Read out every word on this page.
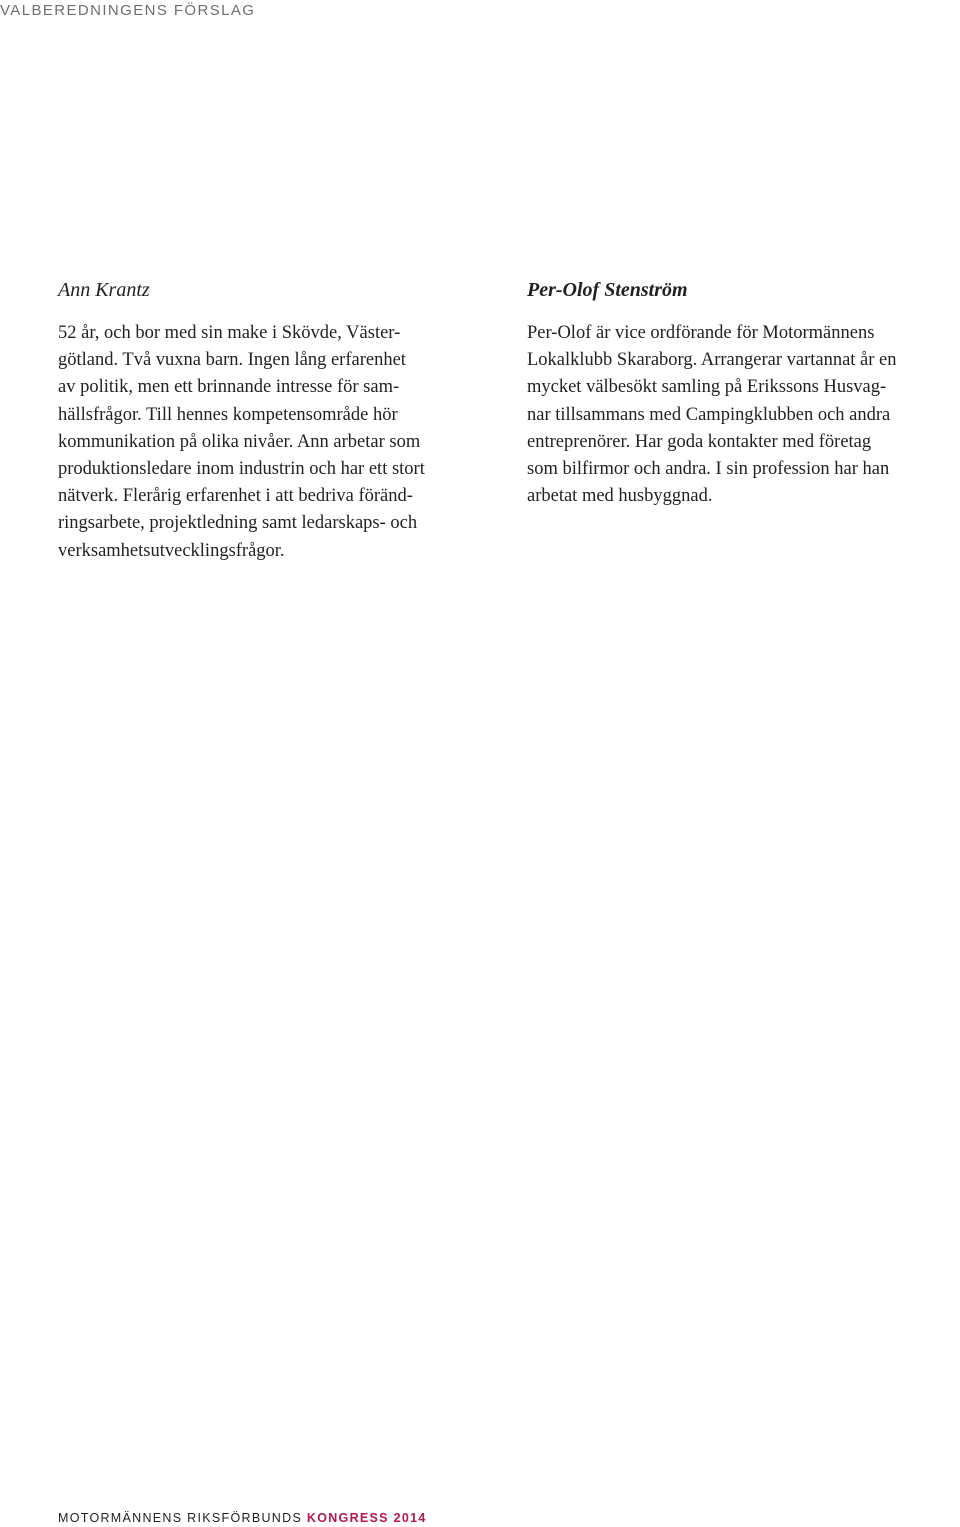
VALBEREDNINGENS FÖRSLAG
Ann Krantz

52 år, och bor med sin make i Skövde, Väster-
götland. Två vuxna barn. Ingen lång erfarenhet
av politik, men ett brinnande intresse för sam-
hällsfrågor. Till hennes kompetensområde hör
kommunikation på olika nivåer. Ann arbetar som
produktionsledare inom industrin och har ett stort
nätverk. Flerårig erfarenhet i att bedriva föränd-
ringsarbete, projektledning samt ledarskaps- och
verksamhetsutvecklingsfrågor.

Per-Olof Stenström

Per-Olof är vice ordförande för Motormännens
Lokalklubb Skaraborg. Arrangerar vartannat år en
mycket välbesökt samling på Erikssons Husvag-
nar tillsammans med Campingklubben och andra
entreprenörer. Har goda kontakter med företag
som bilfirmor och andra. I sin profession har han
arbetat med husbyggnad.

MOTORMÄNNENS RIKSFÖRBUNDS KONGRESS 2014
